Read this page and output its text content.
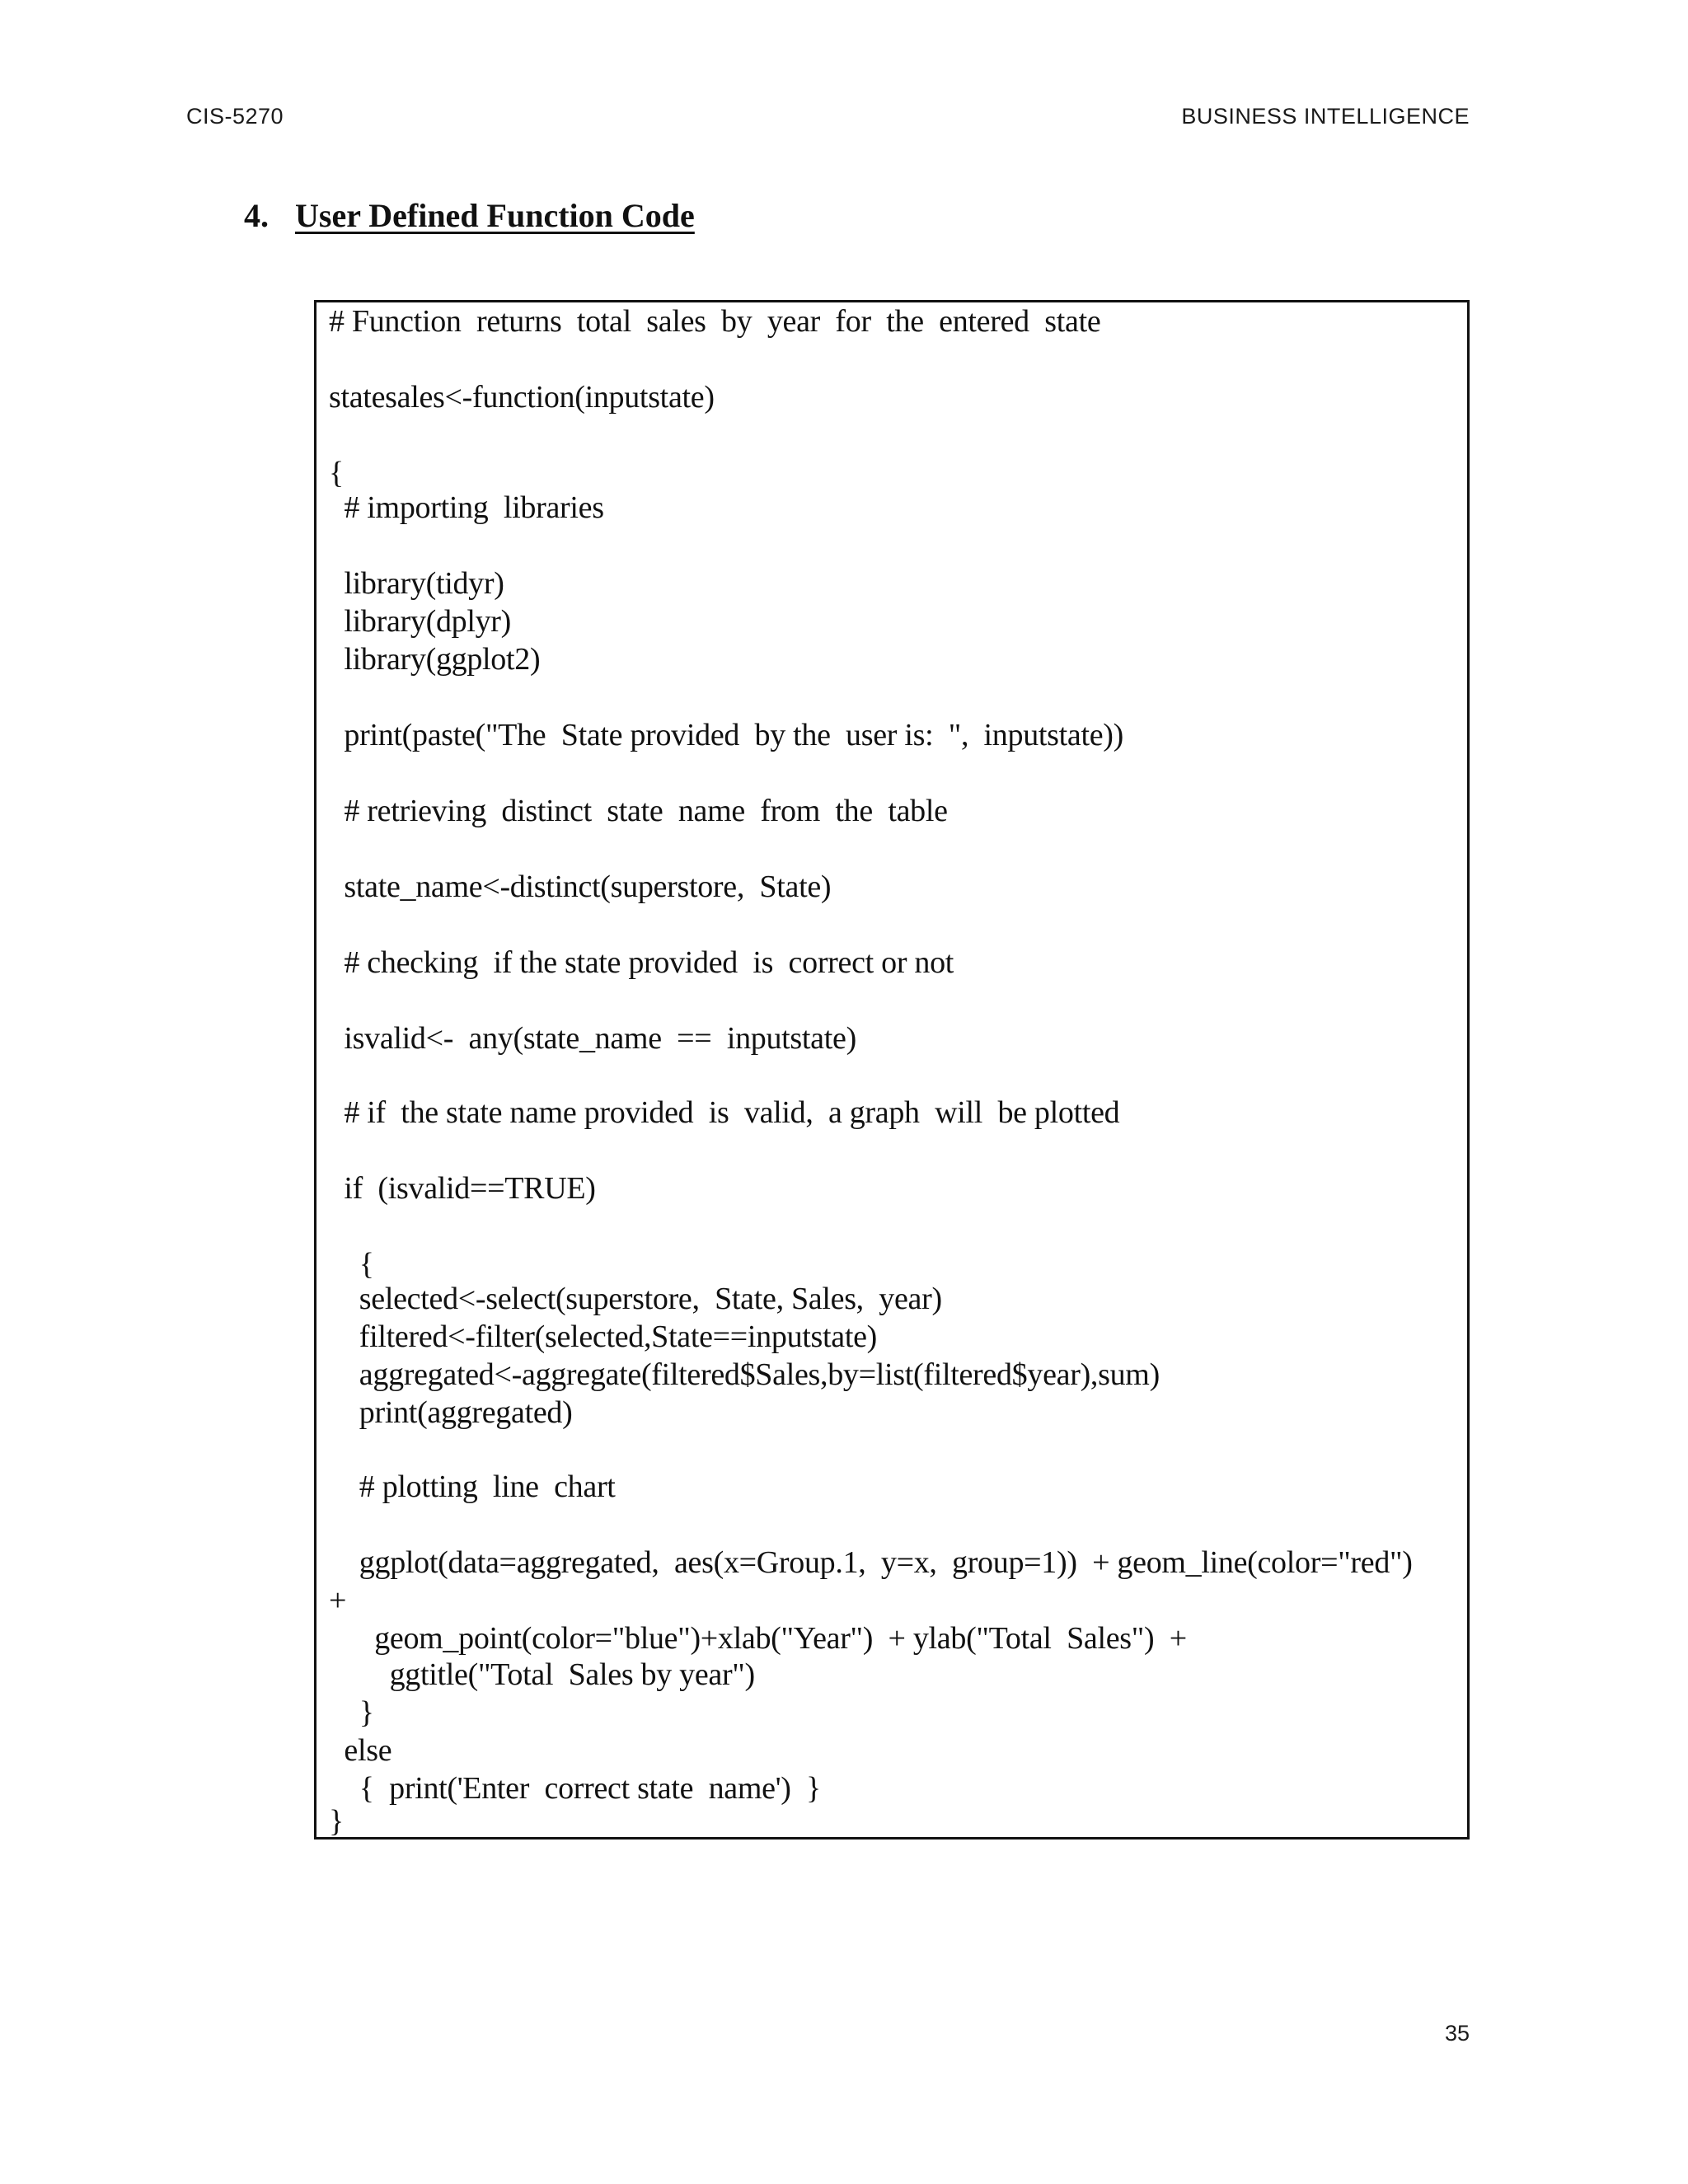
CIS-5270	BUSINESS INTELLIGENCE
4. User Defined Function Code
# Function  returns  total  sales  by  year  for  the  entered  state
statesales<-function(inputstate)
{
# importing  libraries
library(tidyr)
library(dplyr)
library(ggplot2)
print(paste("The  State provided  by the  user is:  ",  inputstate))
# retrieving  distinct  state  name  from  the  table
state_name<-distinct(superstore,  State)
# checking  if the state provided  is  correct or not
isvalid<-  any(state_name  ==  inputstate)
# if  the state name provided  is  valid,  a graph  will  be plotted
if  (isvalid==TRUE)
{
selected<-select(superstore,  State, Sales,  year)
filtered<-filter(selected,State==inputstate)
aggregated<-aggregate(filtered$Sales,by=list(filtered$year),sum)
print(aggregated)
# plotting  line  chart
ggplot(data=aggregated,  aes(x=Group.1,  y=x,  group=1))  + geom_line(color="red")
+
geom_point(color="blue")+xlab("Year")  + ylab("Total  Sales")  +
ggtitle("Total  Sales by year")
}
else
{  print('Enter  correct state  name')  }
}
35
